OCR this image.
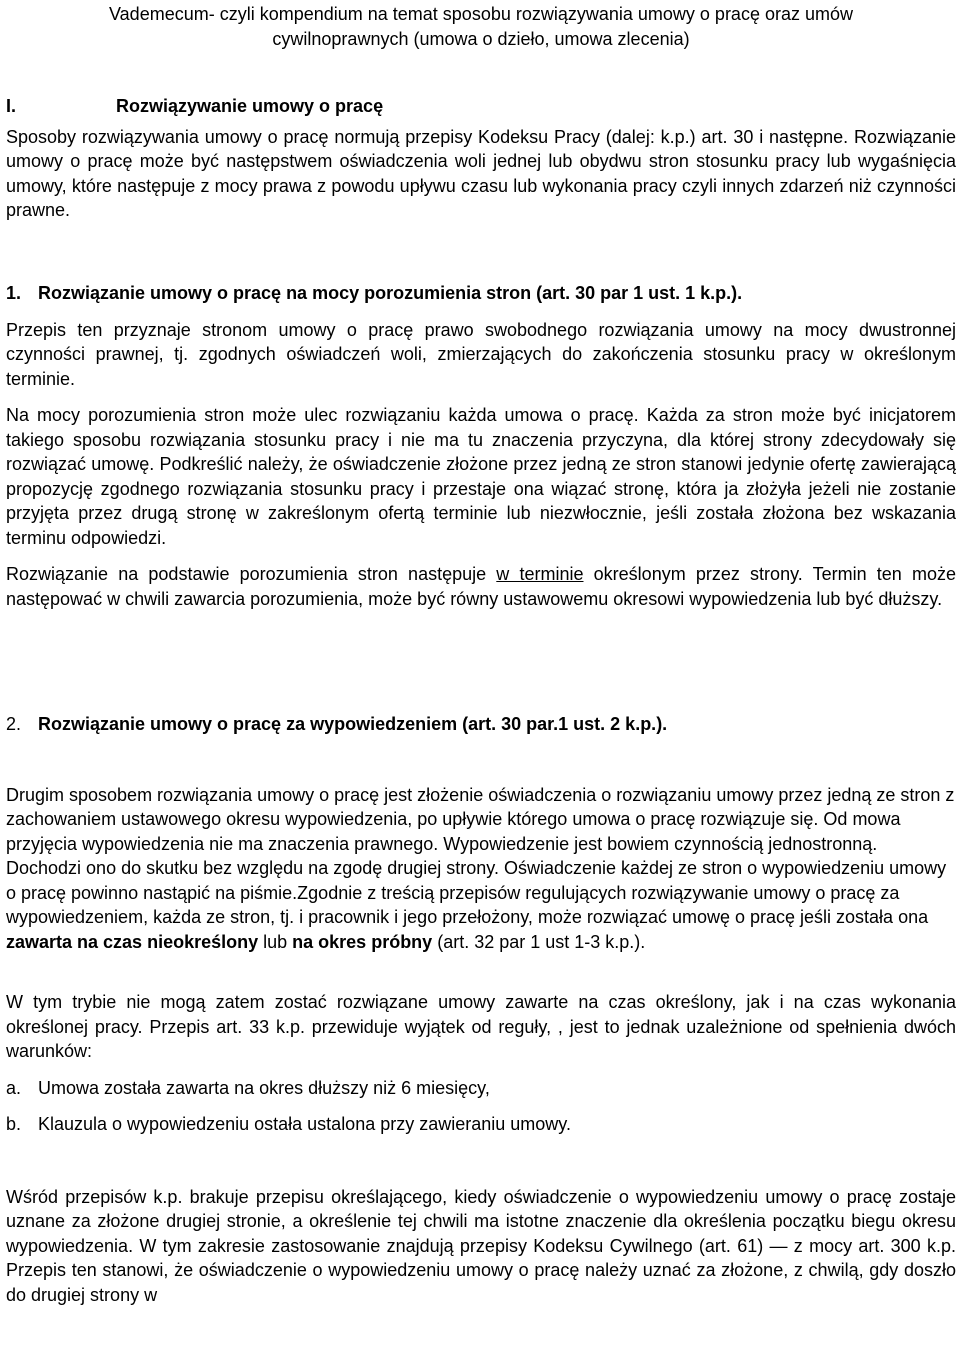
Vademecum- czyli kompendium na temat sposobu rozwiązywania umowy o pracę oraz umów

cywilnoprawnych (umowa o dzieło, umowa zlecenia)

I.	Rozwiązywanie umowy o pracę

Sposoby rozwiązywania umowy o pracę normują przepisy Kodeksu Pracy (dalej: k.p.) art. 30 i następne. Rozwiązanie umowy o pracę może być następstwem oświadczenia woli jednej lub obydwu stron stosunku pracy lub wygaśnięcia umowy, które następuje z mocy prawa z powodu upływu czasu lub wykonania pracy czyli innych zdarzeń niż czynności prawne.

1. Rozwiązanie umowy o pracę na mocy porozumienia stron (art. 30 par 1 ust. 1 k.p.).

Przepis ten przyznaje stronom umowy o pracę prawo swobodnego rozwiązania umowy na mocy dwustronnej czynności prawnej, tj. zgodnych oświadczeń woli, zmierzających do zakończenia stosunku pracy w określonym terminie.

Na mocy porozumienia stron może ulec rozwiązaniu każda umowa o pracę. Każda za stron może być inicjatorem takiego sposobu rozwiązania stosunku pracy i nie ma tu znaczenia przyczyna, dla której strony zdecydowały się rozwiązać umowę. Podkreślić należy, że oświadczenie złożone przez jedną ze stron stanowi jedynie ofertę zawierającą propozycję zgodnego rozwiązania stosunku pracy i przestaje ona wiązać stronę, która ja złożyła jeżeli nie zostanie przyjęta przez drugą stronę w zakreślonym ofertą terminie lub niezwłocznie, jeśli została złożona bez wskazania terminu odpowiedzi.

Rozwiązanie na podstawie porozumienia stron następuje w terminie określonym przez strony. Termin ten może następować w chwili zawarcia porozumienia, może być równy ustawowemu okresowi wypowiedzenia lub być dłuższy.

2. Rozwiązanie umowy o pracę za wypowiedzeniem (art. 30 par.1 ust. 2 k.p.).

Drugim sposobem rozwiązania umowy o pracę jest złożenie oświadczenia o rozwiązaniu umowy przez jedną ze stron z zachowaniem ustawowego okresu wypowiedzenia, po upływie którego umowa o pracę rozwiązuje się. Od mowa przyjęcia wypowiedzenia nie ma znaczenia prawnego. Wypowiedzenie jest bowiem czynnością jednostronną. Dochodzi ono do skutku bez względu na zgodę drugiej strony. Oświadczenie każdej ze stron o wypowiedzeniu umowy o pracę powinno nastąpić na piśmie.Zgodnie z treścią przepisów regulujących rozwiązywanie umowy o pracę za wypowiedzeniem, każda ze stron, tj. i pracownik i jego przełożony, może rozwiązać umowę o pracę jeśli została ona zawarta na czas nieokreślony lub na okres próbny (art. 32 par 1 ust 1-3 k.p.).

W tym trybie nie mogą zatem zostać rozwiązane umowy zawarte na czas określony, jak i na czas wykonania określonej pracy. Przepis art. 33 k.p. przewiduje wyjątek od reguły, , jest to jednak uzależnione od spełnienia dwóch warunków:

a. Umowa została zawarta na okres dłuższy niż 6 miesięcy,

b. Klauzula o wypowiedzeniu ostała ustalona przy zawieraniu umowy.

Wśród przepisów k.p. brakuje przepisu określającego, kiedy oświadczenie o wypowiedzeniu umowy o pracę zostaje uznane za złożone drugiej stronie, a określenie tej chwili ma istotne znaczenie dla określenia początku biegu okresu wypowiedzenia. W tym zakresie zastosowanie znajdują przepisy Kodeksu Cywilnego (art. 61) — z mocy art. 300 k.p. Przepis ten stanowi, że oświadczenie o wypowiedzeniu umowy o pracę należy uznać za złożone, z chwilą, gdy doszło do drugiej strony w
